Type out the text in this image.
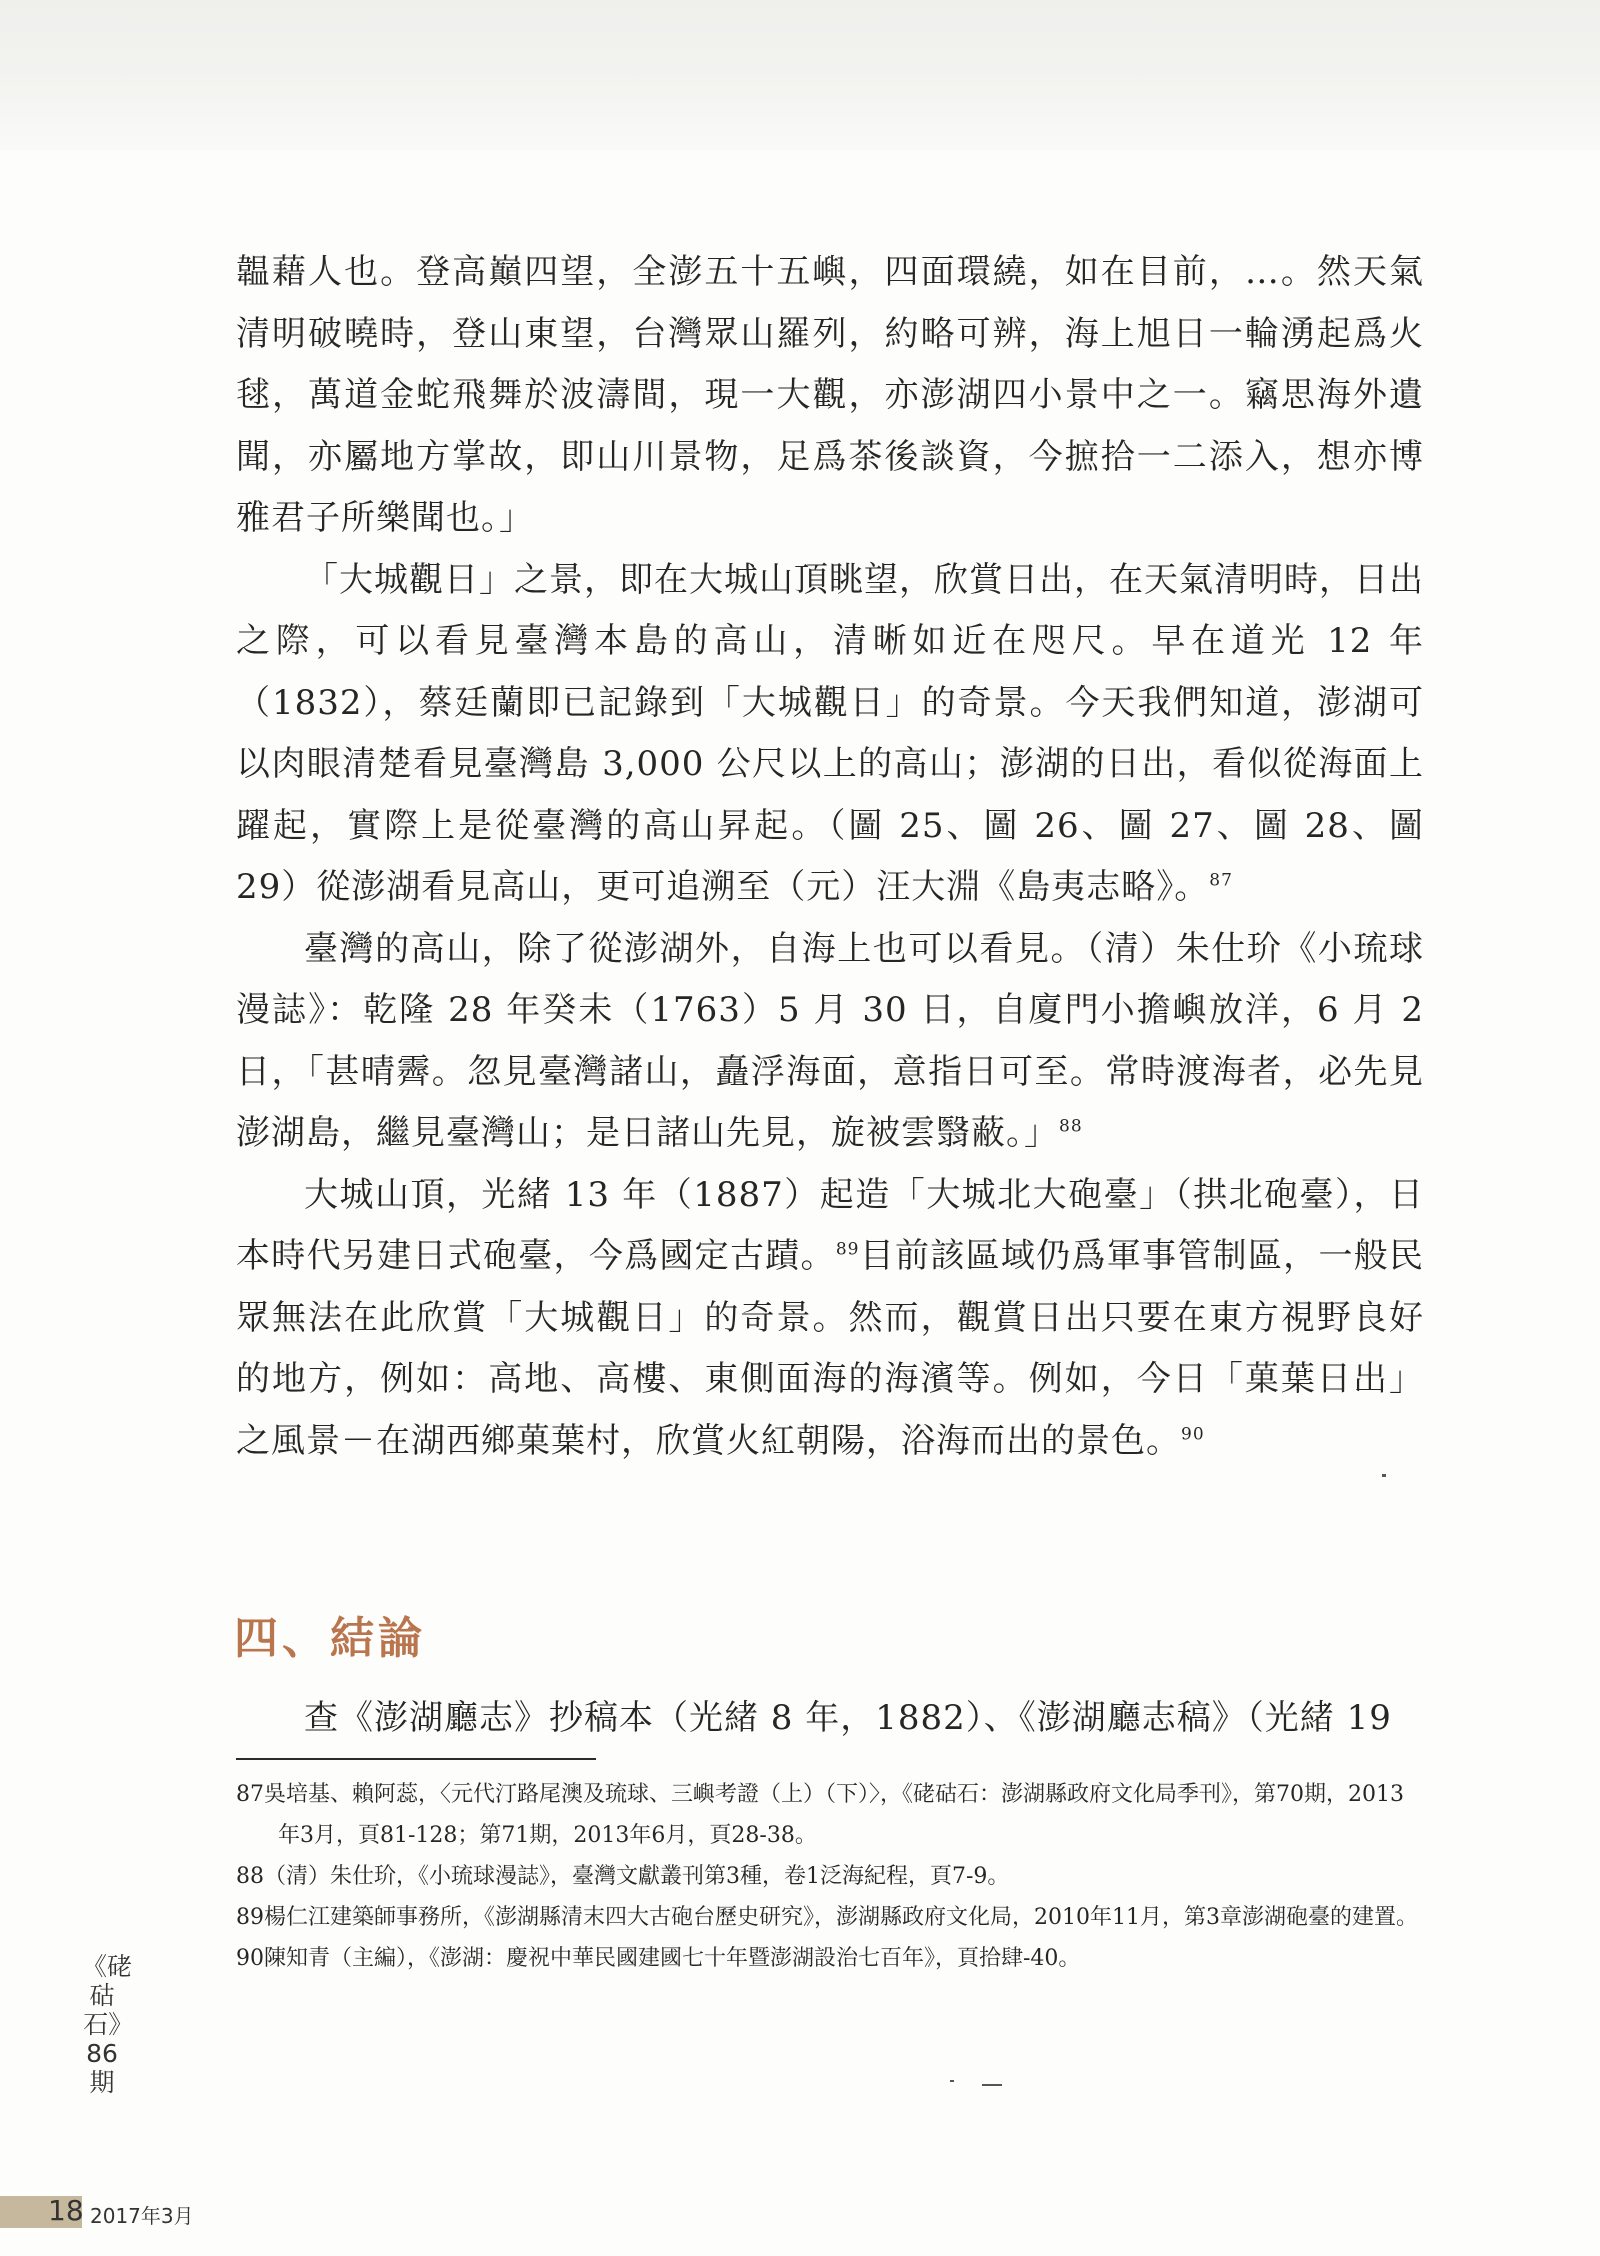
韞藉人也。登高巔四望，全澎五十五嶼，四面環繞，如在目前，…。然天氣清明破曉時，登山東望，台灣眾山羅列，約略可辨，海上旭日一輪湧起爲火毬，萬道金蛇飛舞於波濤間，現一大觀，亦澎湖四小景中之一。竊思海外遺聞，亦屬地方掌故，即山川景物，足爲茶後談資，今摭拾一二添入，想亦博雅君子所樂聞也。」

「大城觀日」之景，即在大城山頂眺望，欣賞日出，在天氣清明時，日出之際，可以看見臺灣本島的高山，清晰如近在咫尺。早在道光 12 年（1832），蔡廷蘭即已記錄到「大城觀日」的奇景。今天我們知道，澎湖可以肉眼清楚看見臺灣島 3,000 公尺以上的高山；澎湖的日出，看似從海面上躍起，實際上是從臺灣的高山昇起。（圖 25、圖 26、圖 27、圖 28、圖 29）從澎湖看見高山，更可追溯至（元）汪大淵《島夷志略》。$^{87}$

臺灣的高山，除了從澎湖外，自海上也可以看見。（清）朱仕玠《小琉球漫誌》：乾隆 28 年癸未（1763）5 月 30 日，自廈門小擔嶼放洋，6 月 2 日，「甚晴霽。忽見臺灣諸山，矗浮海面，意指日可至。常時渡海者，必先見澎湖島，繼見臺灣山；是日諸山先見，旋被雲翳蔽。」$^{88}$

大城山頂，光緒 13 年（1887）起造「大城北大砲臺」（拱北砲臺），日本時代另建日式砲臺，今爲國定古蹟。$^{89}$目前該區域仍爲軍事管制區，一般民眾無法在此欣賞「大城觀日」的奇景。然而，觀賞日出只要在東方視野良好的地方，例如：高地、高樓、東側面海的海濱等。例如，今日「菓葉日出」 之風景－在湖西鄉菓葉村，欣賞火紅朝陽，浴海而出的景色。$^{90}$

四、結論

查《澎湖廳志》抄稿本（光緒 8 年，1882）、《澎湖廳志稿》（光緒 19

87吳培基、賴阿蕊，〈元代汀路尾澳及琉球、三嶼考證（上）（下）〉，《硓𥑮石：澎湖縣政府文化局季刊》，第70期，2013年3月，頁81-128；第71期，2013年6月，頁28-38。

88（清）朱仕玠，《小琉球漫誌》，臺灣文獻叢刊第3種，卷1泛海紀程，頁7-9。

89楊仁江建築師事務所，《澎湖縣清末四大古砲台歷史研究》，澎湖縣政府文化局，2010年11月，第3章澎湖砲臺的建置。

90陳知青（主編），《澎湖：慶祝中華民國建國七十年暨澎湖設治七百年》，頁拾肆-40。

《硓𥑮石》86期
18 2017年3月
